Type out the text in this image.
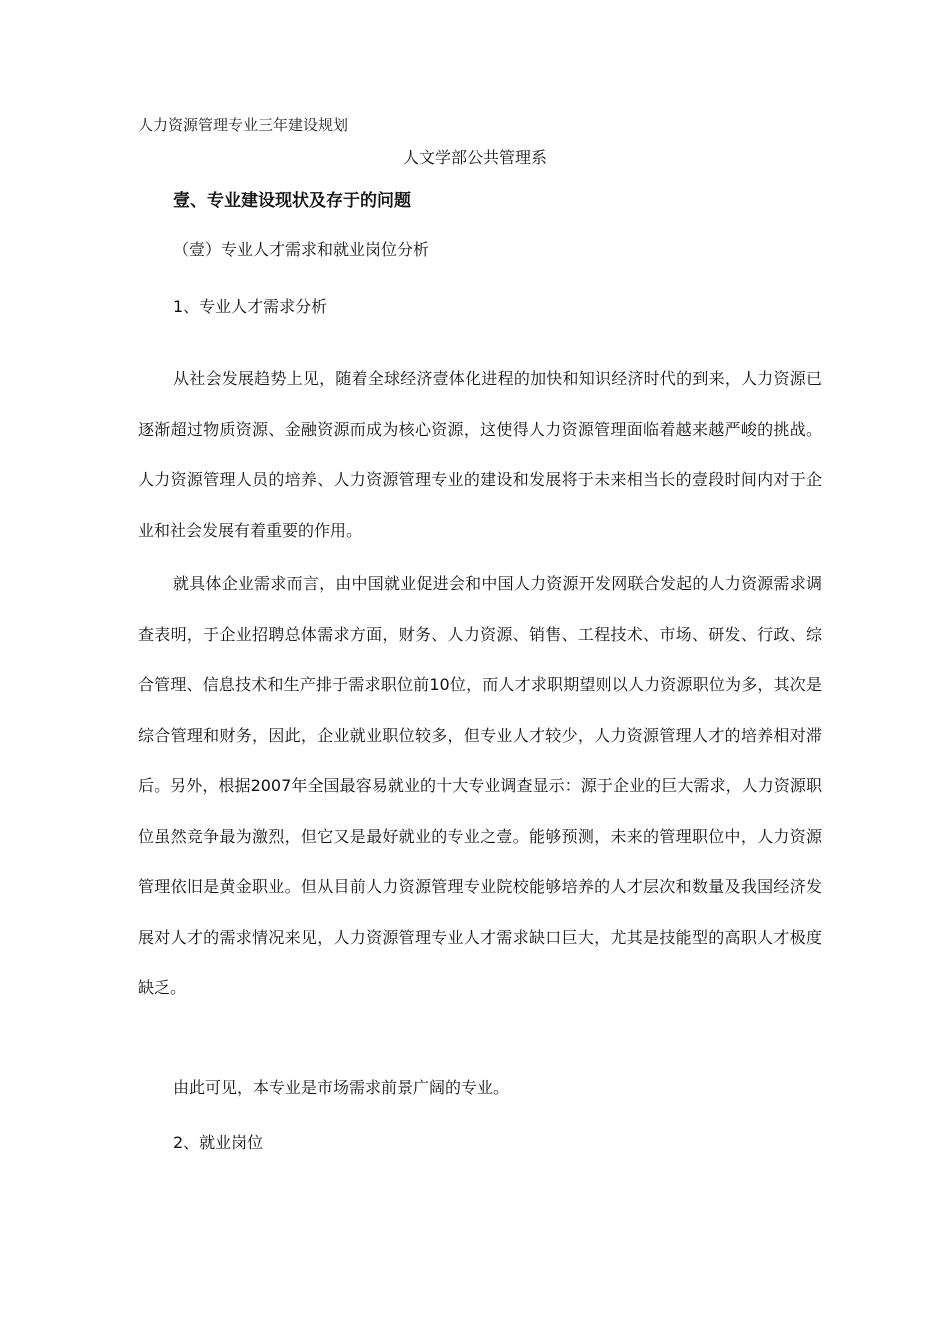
人力资源管理专业三年建设规划
人文学部公共管理系
壹、专业建设现状及存于的问题
（壹）专业人才需求和就业岗位分析
1、专业人才需求分析

从社会发展趋势上见，随着全球经济壹体化进程的加快和知识经济时代的到来，人力资源已逐渐超过物质资源、金融资源而成为核心资源，这使得人力资源管理面临着越来越严峻的挑战。人力资源管理人员的培养、人力资源管理专业的建设和发展将于未来相当长的壹段时间内对于企业和社会发展有着重要的作用。

就具体企业需求而言，由中国就业促进会和中国人力资源开发网联合发起的人力资源需求调查表明，于企业招聘总体需求方面，财务、人力资源、销售、工程技术、市场、研发、行政、综合管理、信息技术和生产排于需求职位前10位，而人才求职期望则以人力资源职位为多，其次是综合管理和财务，因此，企业就业职位较多，但专业人才较少，人力资源管理人才的培养相对滞后。另外，根据2007年全国最容易就业的十大专业调查显示：源于企业的巨大需求，人力资源职位虽然竞争最为激烈，但它又是最好就业的专业之壹。能够预测，未来的管理职位中，人力资源管理依旧是黄金职业。但从目前人力资源管理专业院校能够培养的人才层次和数量及我国经济发展对人才的需求情况来见，人力资源管理专业人才需求缺口巨大，尤其是技能型的高职人才极度缺乏。

由此可见，本专业是市场需求前景广阔的专业。

2、就业岗位
